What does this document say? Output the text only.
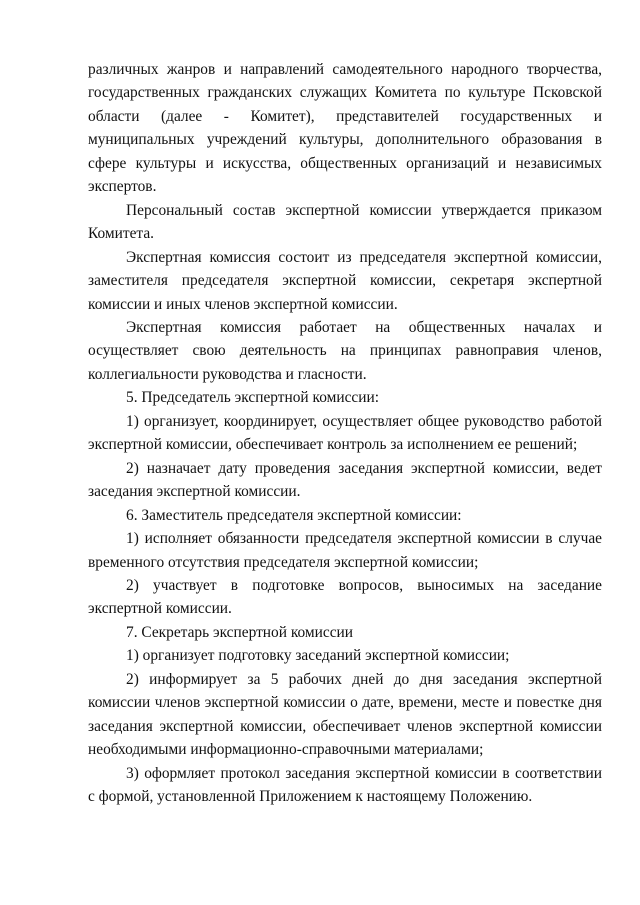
различных жанров и направлений самодеятельного народного творчества, государственных гражданских служащих Комитета по культуре Псковской области (далее - Комитет), представителей государственных и муниципальных учреждений культуры, дополнительного образования в сфере культуры и искусства, общественных организаций и независимых экспертов.

Персональный состав экспертной комиссии утверждается приказом Комитета.

Экспертная комиссия состоит из председателя экспертной комиссии, заместителя председателя экспертной комиссии, секретаря экспертной комиссии и иных членов экспертной комиссии.

Экспертная комиссия работает на общественных началах и осуществляет свою деятельность на принципах равноправия членов, коллегиальности руководства и гласности.

5. Председатель экспертной комиссии:

1) организует, координирует, осуществляет общее руководство работой экспертной комиссии, обеспечивает контроль за исполнением ее решений;

2) назначает дату проведения заседания экспертной комиссии, ведет заседания экспертной комиссии.

6. Заместитель председателя экспертной комиссии:

1) исполняет обязанности председателя экспертной комиссии в случае временного отсутствия председателя экспертной комиссии;

2) участвует в подготовке вопросов, выносимых на заседание экспертной комиссии.

7. Секретарь экспертной комиссии

1) организует подготовку заседаний экспертной комиссии;

2) информирует за 5 рабочих дней до дня заседания экспертной комиссии членов экспертной комиссии о дате, времени, месте и повестке дня заседания экспертной комиссии, обеспечивает членов экспертной комиссии необходимыми информационно-справочными материалами;

3) оформляет протокол заседания экспертной комиссии в соответствии с формой, установленной Приложением к настоящему Положению.
